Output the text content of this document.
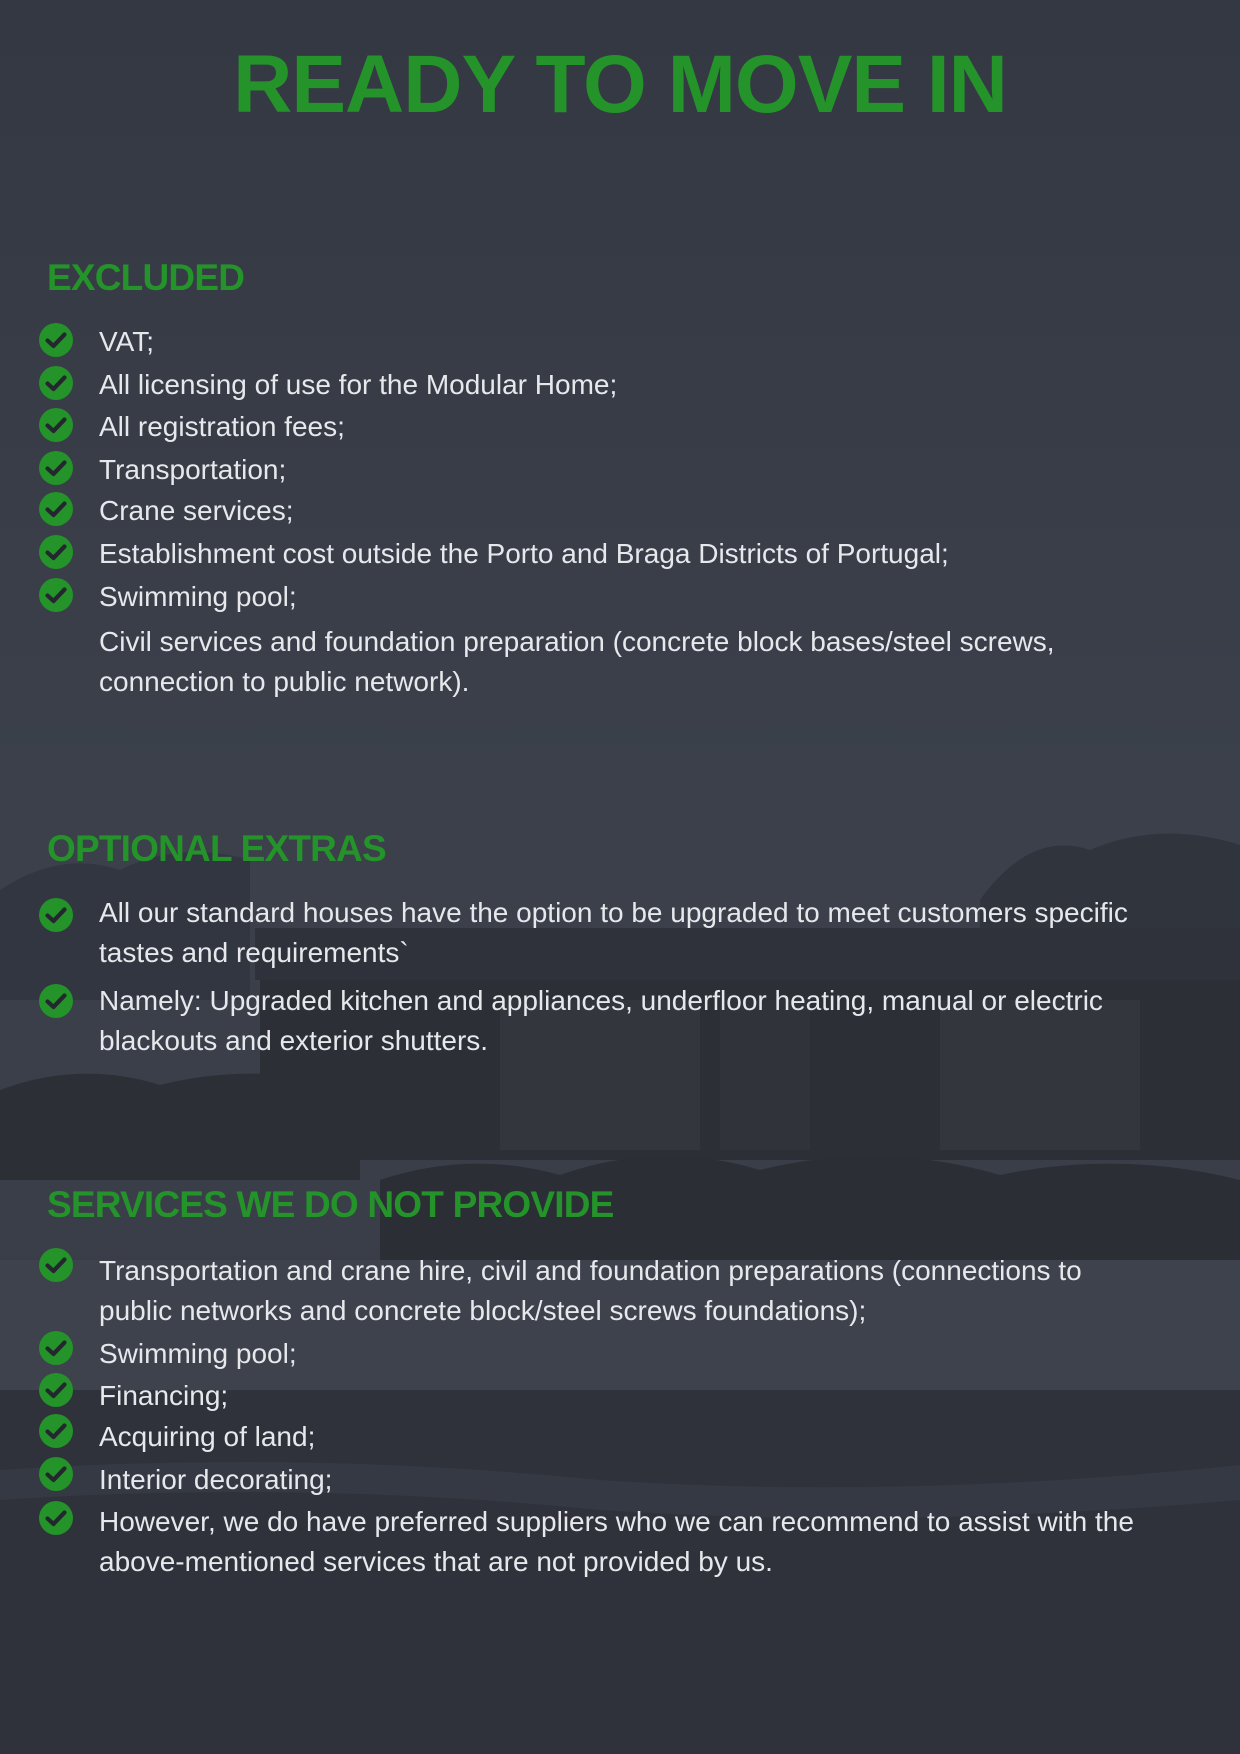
READY TO MOVE IN
EXCLUDED

VAT;

All licensing of use for the Modular Home;

All registration fees;

Transportation;

Crane services;

Establishment cost outside the Porto and Braga Districts of Portugal;

Swimming pool;

Civil services and foundation preparation (concrete block bases/steel screws, connection to public network).

OPTIONAL EXTRAS

All our standard houses have the option to be upgraded to meet customers specific tastes and requirements`

Namely: Upgraded kitchen and appliances, underfloor heating, manual or electric blackouts and exterior shutters.

SERVICES WE DO NOT PROVIDE

Transportation and crane hire, civil and foundation preparations (connections to public networks and concrete block/steel screws foundations);

Swimming pool;

Financing;

Acquiring of land;

Interior decorating;

However, we do have preferred suppliers who we can recommend to assist with the above-mentioned services that are not provided by us.
